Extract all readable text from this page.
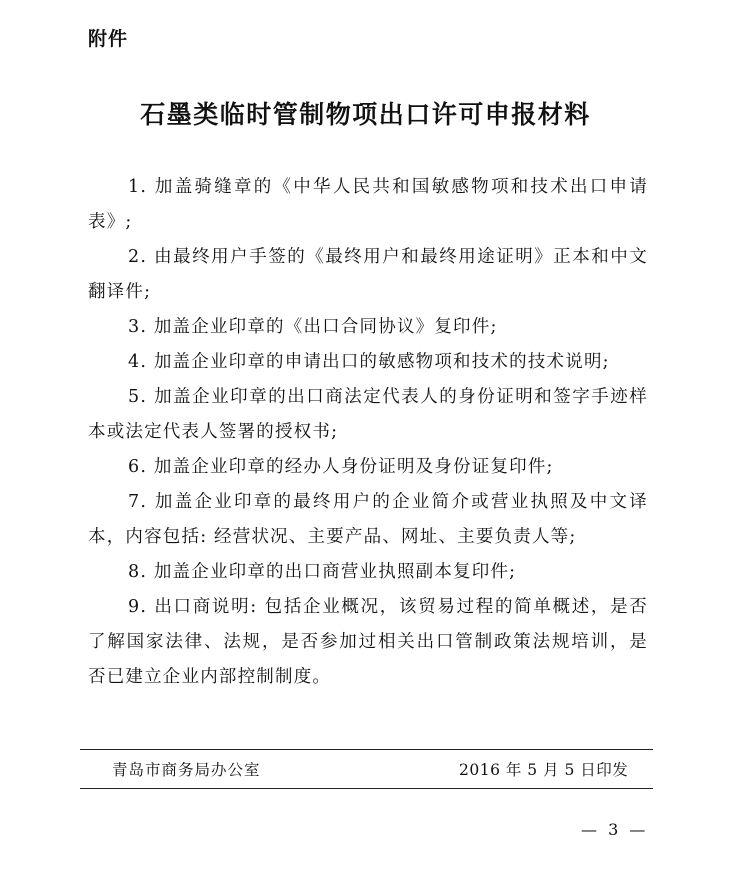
附件
石墨类临时管制物项出口许可申报材料
1. 加盖骑缝章的《中华人民共和国敏感物项和技术出口申请表》;
2. 由最终用户手签的《最终用户和最终用途证明》正本和中文翻译件;
3. 加盖企业印章的《出口合同协议》复印件;
4. 加盖企业印章的申请出口的敏感物项和技术的技术说明;
5. 加盖企业印章的出口商法定代表人的身份证明和签字手迹样本或法定代表人签署的授权书;
6. 加盖企业印章的经办人身份证明及身份证复印件;
7. 加盖企业印章的最终用户的企业简介或营业执照及中文译本，内容包括: 经营状况、主要产品、网址、主要负责人等;
8. 加盖企业印章的出口商营业执照副本复印件;
9. 出口商说明: 包括企业概况，该贸易过程的简单概述，是否了解国家法律、法规，是否参加过相关出口管制政策法规培训，是否已建立企业内部控制制度。
青岛市商务局办公室	2016 年 5 月 5 日印发
— 3 —
